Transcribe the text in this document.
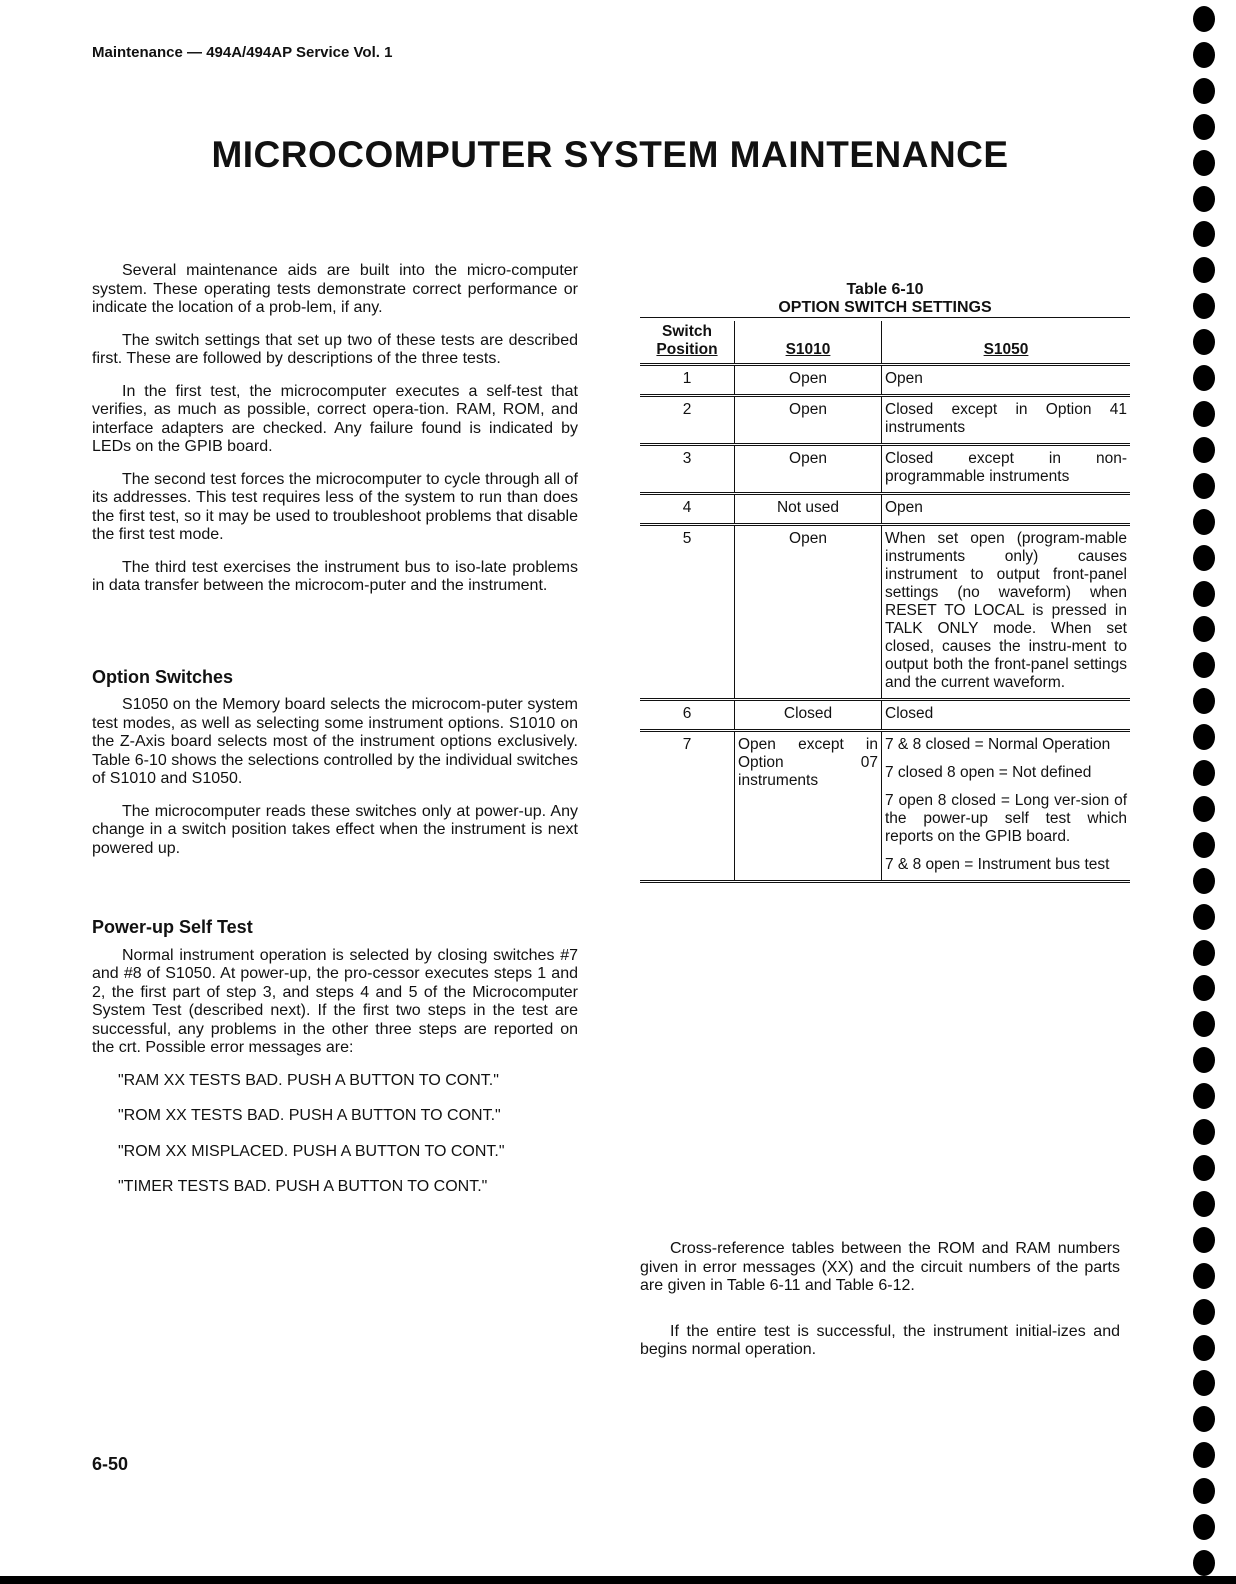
Maintenance — 494A/494AP Service Vol. 1
MICROCOMPUTER SYSTEM MAINTENANCE

Several maintenance aids are built into the micro-computer system. These operating tests demonstrate correct performance or indicate the location of a prob-lem, if any.

The switch settings that set up two of these tests are described first. These are followed by descriptions of the three tests.

In the first test, the microcomputer executes a self-test that verifies, as much as possible, correct opera-tion. RAM, ROM, and interface adapters are checked. Any failure found is indicated by LEDs on the GPIB board.

The second test forces the microcomputer to cycle through all of its addresses. This test requires less of the system to run than does the first test, so it may be used to troubleshoot problems that disable the first test mode.

The third test exercises the instrument bus to iso-late problems in data transfer between the microcom-puter and the instrument.

Option Switches

S1050 on the Memory board selects the microcom-puter system test modes, as well as selecting some instrument options. S1010 on the Z-Axis board selects most of the instrument options exclusively. Table 6-10 shows the selections controlled by the individual switches of S1010 and S1050.

The microcomputer reads these switches only at power-up. Any change in a switch position takes effect when the instrument is next powered up.

Power-up Self Test

Normal instrument operation is selected by closing switches #7 and #8 of S1050. At power-up, the pro-cessor executes steps 1 and 2, the first part of step 3, and steps 4 and 5 of the Microcomputer System Test (described next). If the first two steps in the test are successful, any problems in the other three steps are reported on the crt. Possible error messages are:

"RAM XX TESTS BAD. PUSH A BUTTON TO CONT."
"ROM XX TESTS BAD. PUSH A BUTTON TO CONT."
"ROM XX MISPLACED. PUSH A BUTTON TO CONT."
"TIMER TESTS BAD. PUSH A BUTTON TO CONT."
Table 6-10

OPTION SWITCH SETTINGS
Switch
Position	S1010	S1050
1	Open	Open

2	Open	Closed except in Option 41 instruments

3	Open	Closed except in non-programmable instruments

4	Not used	Open

5	Open	When set open (program-mable instruments only) causes instrument to output front-panel settings (no waveform) when RESET TO LOCAL is pressed in TALK ONLY mode. When set closed, causes the instru-ment to output both the front-panel settings and the current waveform.

6	Closed	Closed

7	Open except in Option 07 instruments	7 & 8 closed = Normal Operation
7 closed 8 open = Not defined
7 open 8 closed = Long ver-sion of the power-up self test which reports on the GPIB board.
7 & 8 open = Instrument bus test

Cross-reference tables between the ROM and RAM numbers given in error messages (XX) and the circuit numbers of the parts are given in Table 6-11 and Table 6-12.

If the entire test is successful, the instrument initial-izes and begins normal operation.

6-50
